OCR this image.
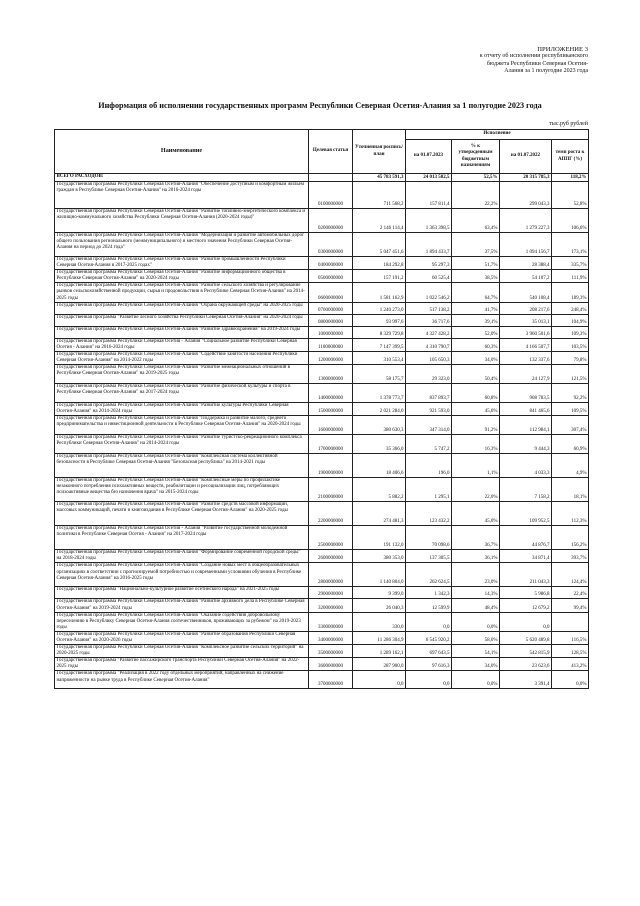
ПРИЛОЖЕНИЕ 3
к отчету об исполнении республиканского
бюджета Республики Северная Осетия-
Алания за 1 полугодие 2023 года
Информация об исполнении государственных программ Республики Северная Осетия-Алания за 1 полугодие 2023 года
тыс.руб рублей
Наименование	Целевая статья	Уточненная роспись/план	Исполнение			
			на 01.07.2023	% к утвержденным бюджетным назначениям	на 01.07.2022	темп роста к АППГ (%)
ВСЕГО РАСХОДОВ:		45 783 591,3	24 013 582,5	52,5%	20 315 785,3	118,2%
Государственная программа Республики Северная Осетия-Алания "Обеспечение доступным и комфортным жильем граждан в Республике Северная Осетия-Алания" на 2016-2024 годы	0100000000	711 568,2	157 811,4	22,2%	299 043,3	52,8%
Государственная программа Республики Северная Осетия-Алания "Развитие топливно-энергетического комплекса и жилищно-коммунального хозяйства Республики Северная Осетия-Алания (2020-2024 годы)"	0200000000	2 146 114,4	1 363 398,5	63,4%	1 279 227,3	106,6%
Государственная программа Республики Северная Осетия-Алания "Модернизация и развитие автомобильных дорог общего пользования регионального (межмуниципального) и местного значения Республики Северная Осетия-Алания на период до 2024 года"	0300000000	5 047 451,6	1 894 433,7	37,5%	1 094 156,7	173,1%
Государственная программа Республики Северная Осетия-Алания "Развитие промышленности Республики Северная Осетия-Алания в 2017-2025 годах"	0400000000	184 292,8	95 297,3	51,7%	28 388,4	335,7%
Государственная программа Республики Северная Осетия-Алания "Развитие информационного общества в Республике Северная Осетия-Алания" на 2020-2024 годы	0500000000	157 191,2	60 525,4	38,5%	54 107,2	111,9%
Государственная программа Республики Северная Осетия-Алания "Развитие сельского хозяйства и регулирование рынков сельскохозяйственной продукции, сырья и продовольствия в Республике Северная Осетия-Алания" на 2014-2025 годы	0600000000	1 581 162,9	1 022 546,2	64,7%	540 108,4	189,3%
Государственная программа Республики Северная Осетия-Алания "Охрана окружающей среды" на 2020-2025 годы	0700000000	1 240 273,0	517 138,2	41,7%	208 217,6	248,4%
Государственная программа "Развитие лесного хозяйства Республики Северная Осетия-Алания" на 2020-2024 годы	0800000000	93 997,6	36 717,6	39,1%	35 013,1	104,9%
Государственная программа Республики Северная Осетия-Алания "Развитие здравоохранения" на 2019-2024 годы	1000000000	8 329 729,8	4 327 428,2	52,0%	3 960 501,6	109,3%
Государственная программа Республики Северная Осетия - Алания "Социальное развитие Республики Северная Осетия - Алания" на 2016-2024 годы	1100000000	7 147 399,5	4 310 790,7	60,3%	4 166 507,7	103,5%
Государственная программа Республики Северная Осетия-Алания "Содействие занятости населения Республики Северная Осетия-Алания" на 2014-2022 годы	1200000000	310 553,4	105 650,3	34,0%	132 337,6	79,8%
Государственная программа Республики Северная Осетия-Алания "Развитие межнациональных отношений в Республике Северная Осетия-Алания" на 2019-2025 годы	1300000000	58 175,7	29 323,0	50,4%	24 127,9	121,5%
Государственная программа Республики Северная Осетия-Алания "Развитие физической культуры и спорта в Республике Северная Осетия-Алания" на 2017-2024 годы	1400000000	1 378 773,7	837 893,7	60,8%	908 783,5	92,2%
Государственная программа Республики Северная Осетия-Алания "Развитие культуры Республики Северная Осетия-Алания" на 2014-2024 годы	1500000000	2 021 284,0	921 593,0	45,6%	841 465,6	109,5%
Государственная программа Республики Северная Осетия-Алания "Поддержка и развитие малого, среднего предпринимательства и инвестиционной деятельности в Республике Северная Осетия-Алания" на 2020-2024 годы	1600000000	380 630,3	347 314,0	91,2%	112 984,1	307,4%
Государственная программа Республики Северная Осетия-Алания "Развитие туристско-рекреационного комплекса Республики Северная Осетия-Алания" на 2014-2024 годы	1700000000	35 366,0	5 747,2	16,3%	9 444,3	60,9%
Государственная программа Республики Северная Осетия-Алания "Комплексная система коллективной безопасности в Республике Северная Осетия-Алания "Безопасная республика" на 2014-2021 годы	1900000000	18 406,6	196,0	1,1%	4 033,3	4,9%
Государственная программа Республики Северная Осетия-Алания "Комплексные меры по профилактике незаконного потребления психоактивных веществ, реабилитации и ресоциализации лиц, потребляющих психоактивные вещества без назначения врача" на 2015-2024 годы	2100000000	5 882,2	1 295,1	22,0%	7 158,2	18,1%
Государственная программа Республики Северная Осетия-Алания "Развитие средств массовой информации, массовых коммуникаций, печати и книгоиздания в Республике Северная Осетия-Алания" на 2020-2025 годы	2200000000	274 481,3	123 432,2	45,0%	109 952,5	112,3%
Государственная программа Республики Северная Осетия - Алания "Развитие государственной молодежной политики в Республике Северная Осетия - Алания" на 2017-2024 годы	2500000000	191 132,0	70 098,6	36,7%	44 876,7	156,2%
Государственная программа Республики Северная Осетия-Алания "Формирование современной городской среды" на 2018-2024 годы	2600000000	380 353,0	137 305,5	36,1%	34 871,4	393,7%
Государственная программа Республики Северная Осетия-Алания "Создание новых мест в общеобразовательных организациях в соответствии с прогнозируемой потребностью и современными условиями обучения в Республике Северная Осетия-Алания" на 2016-2025 годы	2800000000	1 140 804,0	262 624,5	23,0%	211 043,3	124,4%
Государственная программа "Национально-культурное развитие осетинского народа" на 2021-2025 годы	2900000000	9 399,0	1 342,3	14,3%	5 986,8	22,4%
Государственная программа Республики Северная Осетия-Алания "Развитие архивного дела в Республике Северная Осетия-Алания" на 2019-2024 годы	3200000000	26 040,3	12 599,9	48,4%	12 679,2	99,4%
Государственная программа Республики Северная Осетия-Алания "Оказание содействия добровольному переселению в Республику Северная Осетия-Алания соотечественников, проживающих за рубежом" на 2019-2023 годы	3300000000	330,0	0,0	0,0%	0,0	
Государственная программа Республики Северная Осетия-Алания "Развитие образования Республики Северная Осетия-Алания" на 2020-2026 годы	3400000000	11 286 304,9	6 545 920,2	58,0%	5 620 489,8	116,5%
Государственная программа Республики Северная Осетия-Алания "Комплексное развитие сельских территорий" на 2020-2025 годы	3500000000	1 289 162,1	697 643,5	54,1%	542 815,9	128,5%
Государственная программа "Развитие пассажирского транспорта Республики Северная Осетия-Алания" на 2022-2025 годы	3600000000	287 900,0	97 616,3	34,0%	23 623,6	413,2%
Государственная программа "Реализация в 2022 году отдельных мероприятий, направленных на снижение напряженности на рынке труда в Республике Северная Осетия-Алания"	3700000000	0,0	0,0	0,0%	3 391,4	0,0%
